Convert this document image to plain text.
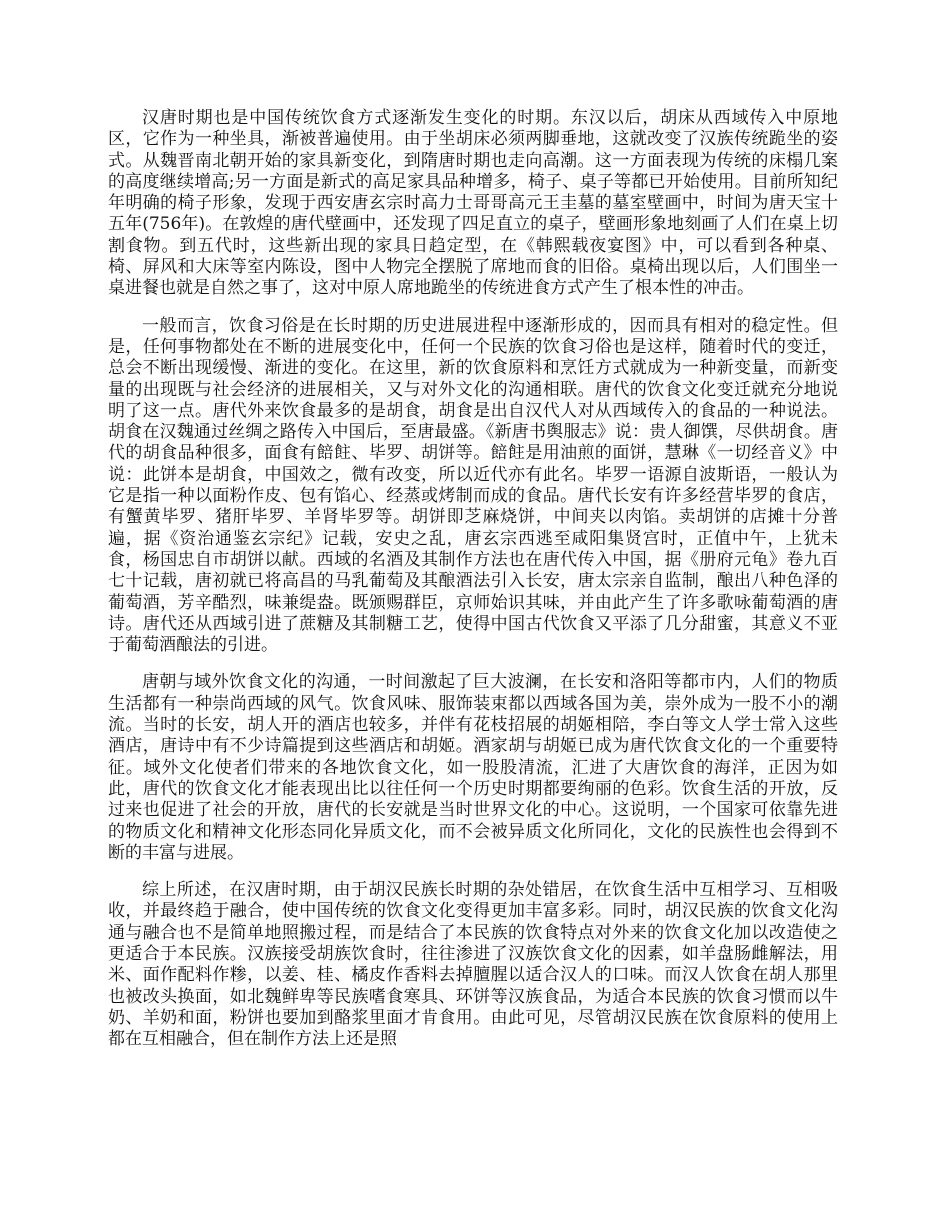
汉唐时期也是中国传统饮食方式逐渐发生变化的时期。东汉以后，胡床从西域传入中原地区，它作为一种坐具，渐被普遍使用。由于坐胡床必须两脚垂地，这就改变了汉族传统跪坐的姿式。从魏晋南北朝开始的家具新变化，到隋唐时期也走向高潮。这一方面表现为传统的床榻几案的高度继续增高;另一方面是新式的高足家具品种增多，椅子、桌子等都已开始使用。目前所知纪年明确的椅子形象，发现于西安唐玄宗时高力士哥哥高元王圭墓的墓室壁画中，时间为唐天宝十五年(756年)。在敦煌的唐代壁画中，还发现了四足直立的桌子，壁画形象地刻画了人们在桌上切割食物。到五代时，这些新出现的家具日趋定型，在《韩熙载夜宴图》中，可以看到各种桌、椅、屏风和大床等室内陈设，图中人物完全摆脱了席地而食的旧俗。桌椅出现以后，人们围坐一桌进餐也就是自然之事了，这对中原人席地跪坐的传统进食方式产生了根本性的冲击。

一般而言，饮食习俗是在长时期的历史进展进程中逐渐形成的，因而具有相对的稳定性。但是，任何事物都处在不断的进展变化中，任何一个民族的饮食习俗也是这样，随着时代的变迁，总会不断出现缓慢、渐进的变化。在这里，新的饮食原料和烹饪方式就成为一种新变量，而新变量的出现既与社会经济的进展相关，又与对外文化的沟通相联。唐代的饮食文化变迁就充分地说明了这一点。唐代外来饮食最多的是胡食，胡食是出自汉代人对从西域传入的食品的一种说法。胡食在汉魏通过丝绸之路传入中国后，至唐最盛。《新唐书舆服志》说：贵人御馔，尽供胡食。唐代的胡食品种很多，面食有餢飳、毕罗、胡饼等。餢飳是用油煎的面饼，慧琳《一切经音义》中说：此饼本是胡食，中国效之，微有改变，所以近代亦有此名。毕罗一语源自波斯语，一般认为它是指一种以面粉作皮、包有馅心、经蒸或烤制而成的食品。唐代长安有许多经营毕罗的食店，有蟹黄毕罗、猪肝毕罗、羊肾毕罗等。胡饼即芝麻烧饼，中间夹以肉馅。卖胡饼的店摊十分普遍，据《资治通鉴玄宗纪》记载，安史之乱，唐玄宗西逃至咸阳集贤宫时，正值中午，上犹未食，杨国忠自市胡饼以献。西域的名酒及其制作方法也在唐代传入中国，据《册府元龟》卷九百七十记载，唐初就已将高昌的马乳葡萄及其酿酒法引入长安，唐太宗亲自监制，酿出八种色泽的葡萄酒，芳辛酷烈，味兼缇盎。既颁赐群臣，京师始识其味，并由此产生了许多歌咏葡萄酒的唐诗。唐代还从西域引进了蔗糖及其制糖工艺，使得中国古代饮食又平添了几分甜蜜，其意义不亚于葡萄酒酿法的引进。

唐朝与域外饮食文化的沟通，一时间激起了巨大波澜，在长安和洛阳等都市内，人们的物质生活都有一种崇尚西域的风气。饮食风味、服饰装束都以西域各国为美，崇外成为一股不小的潮流。当时的长安，胡人开的酒店也较多，并伴有花枝招展的胡姬相陪，李白等文人学士常入这些酒店，唐诗中有不少诗篇提到这些酒店和胡姬。酒家胡与胡姬已成为唐代饮食文化的一个重要特征。域外文化使者们带来的各地饮食文化，如一股股清流，汇进了大唐饮食的海洋，正因为如此，唐代的饮食文化才能表现出比以往任何一个历史时期都要绚丽的色彩。饮食生活的开放，反过来也促进了社会的开放，唐代的长安就是当时世界文化的中心。这说明，一个国家可依靠先进的物质文化和精神文化形态同化异质文化，而不会被异质文化所同化，文化的民族性也会得到不断的丰富与进展。

综上所述，在汉唐时期，由于胡汉民族长时期的杂处错居，在饮食生活中互相学习、互相吸收，并最终趋于融合，使中国传统的饮食文化变得更加丰富多彩。同时，胡汉民族的饮食文化沟通与融合也不是简单地照搬过程，而是结合了本民族的饮食特点对外来的饮食文化加以改造使之更适合于本民族。汉族接受胡族饮食时，往往渗进了汉族饮食文化的因素，如羊盘肠雌解法，用米、面作配料作糁，以姜、桂、橘皮作香料去掉膻腥以适合汉人的口味。而汉人饮食在胡人那里也被改头换面，如北魏鲜卑等民族嗜食寒具、环饼等汉族食品，为适合本民族的饮食习惯而以牛奶、羊奶和面，粉饼也要加到酪浆里面才肯食用。由此可见，尽管胡汉民族在饮食原料的使用上都在互相融合，但在制作方法上还是照
